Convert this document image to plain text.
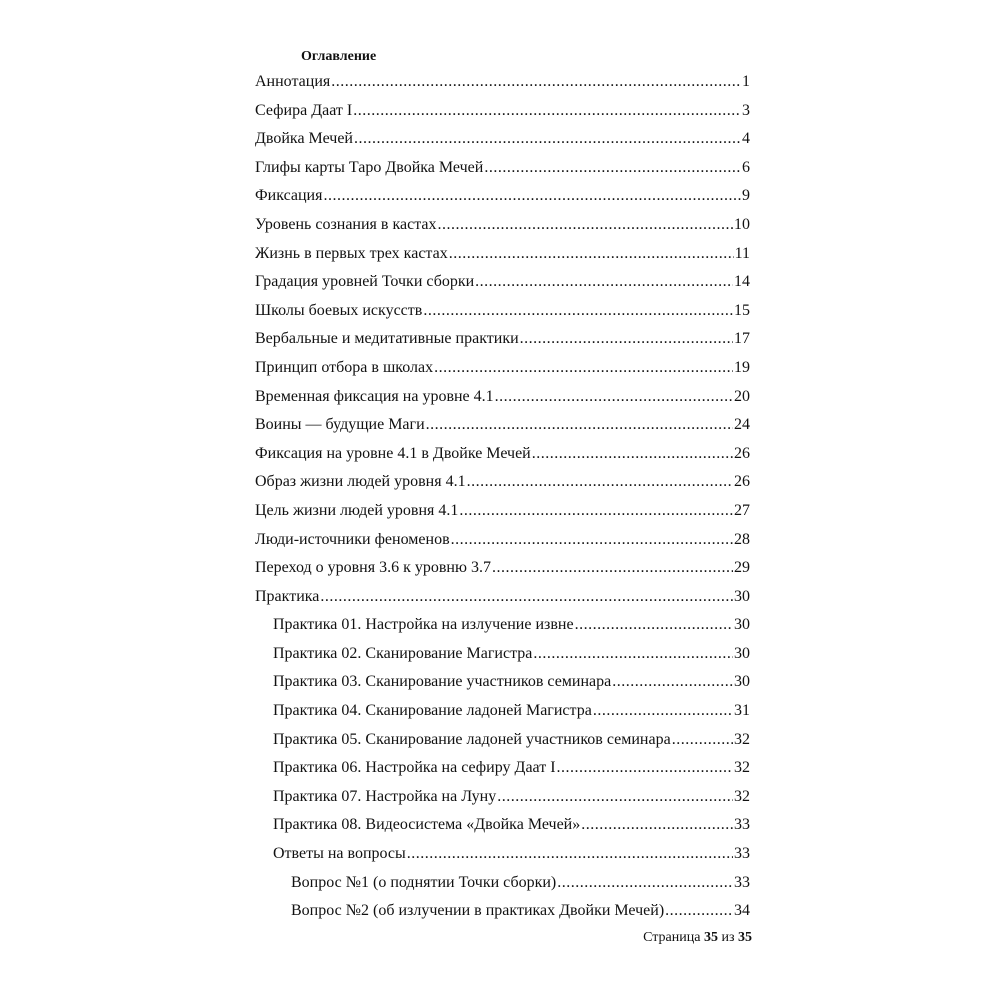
Оглавление
Аннотация .....	1
Сефира Даат I .....	3
Двойка Мечей .....	4
Глифы карты Таро Двойка Мечей .....	6
Фиксация .....	9
Уровень сознания в кастах .....	10
Жизнь в первых трех кастах .....	11
Градация уровней Точки сборки .....	14
Школы боевых искусств .....	15
Вербальные и медитативные практики .....	17
Принцип отбора в школах .....	19
Временная фиксация на уровне 4.1 .....	20
Воины — будущие Маги .....	24
Фиксация на уровне 4.1 в Двойке Мечей .....	26
Образ жизни людей уровня 4.1 .....	26
Цель жизни людей уровня 4.1 .....	27
Люди-источники феноменов .....	28
Переход о уровня 3.6 к уровню 3.7 .....	29
Практика .....	30
Практика 01. Настройка на излучение извне .....	30
Практика 02. Сканирование Магистра .....	30
Практика 03. Сканирование участников семинара .....	30
Практика 04. Сканирование ладоней Магистра .....	31
Практика 05. Сканирование ладоней участников семинара .....	32
Практика 06. Настройка на сефиру Даат I .....	32
Практика 07. Настройка на Луну .....	32
Практика 08. Видеосистема «Двойка Мечей» .....	33
Ответы на вопросы .....	33
Вопрос №1 (о поднятии Точки сборки) .....	33
Вопрос №2 (об излучении в практиках Двойки Мечей) .....	34
Страница 35 из 35
